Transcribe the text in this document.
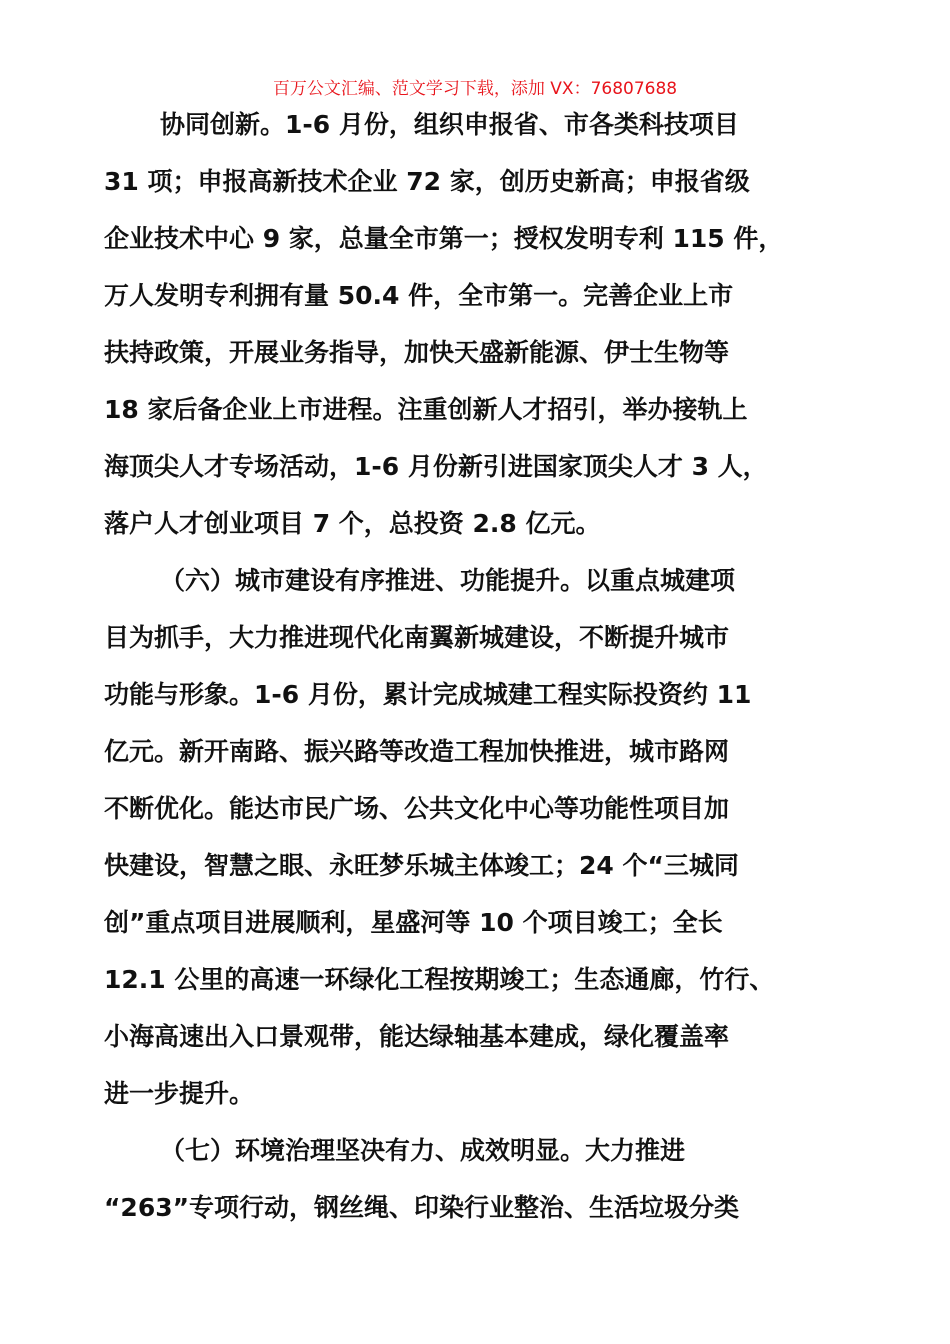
百万公文汇编、范文学习下载，添加 VX：76807688
协同创新。1-6 月份，组织申报省、市各类科技项目
31 项；申报高新技术企业 72 家，创历史新高；申报省级
企业技术中心 9 家，总量全市第一；授权发明专利 115 件，
万人发明专利拥有量 50.4 件，全市第一。完善企业上市
扶持政策，开展业务指导，加快天盛新能源、伊士生物等
18 家后备企业上市进程。注重创新人才招引，举办接轨上
海顶尖人才专场活动，1-6 月份新引进国家顶尖人才 3 人，
落户人才创业项目 7 个，总投资 2.8 亿元。
（六）城市建设有序推进、功能提升。以重点城建项
目为抓手，大力推进现代化南翼新城建设，不断提升城市
功能与形象。1-6 月份，累计完成城建工程实际投资约 11
亿元。新开南路、振兴路等改造工程加快推进，城市路网
不断优化。能达市民广场、公共文化中心等功能性项目加
快建设，智慧之眼、永旺梦乐城主体竣工；24 个“三城同
创”重点项目进展顺利，星盛河等 10 个项目竣工；全长
12.1 公里的高速一环绿化工程按期竣工；生态通廊，竹行、
小海高速出入口景观带，能达绿轴基本建成，绿化覆盖率
进一步提升。
（七）环境治理坚决有力、成效明显。大力推进
“263”专项行动，钢丝绳、印染行业整治、生活垃圾分类
